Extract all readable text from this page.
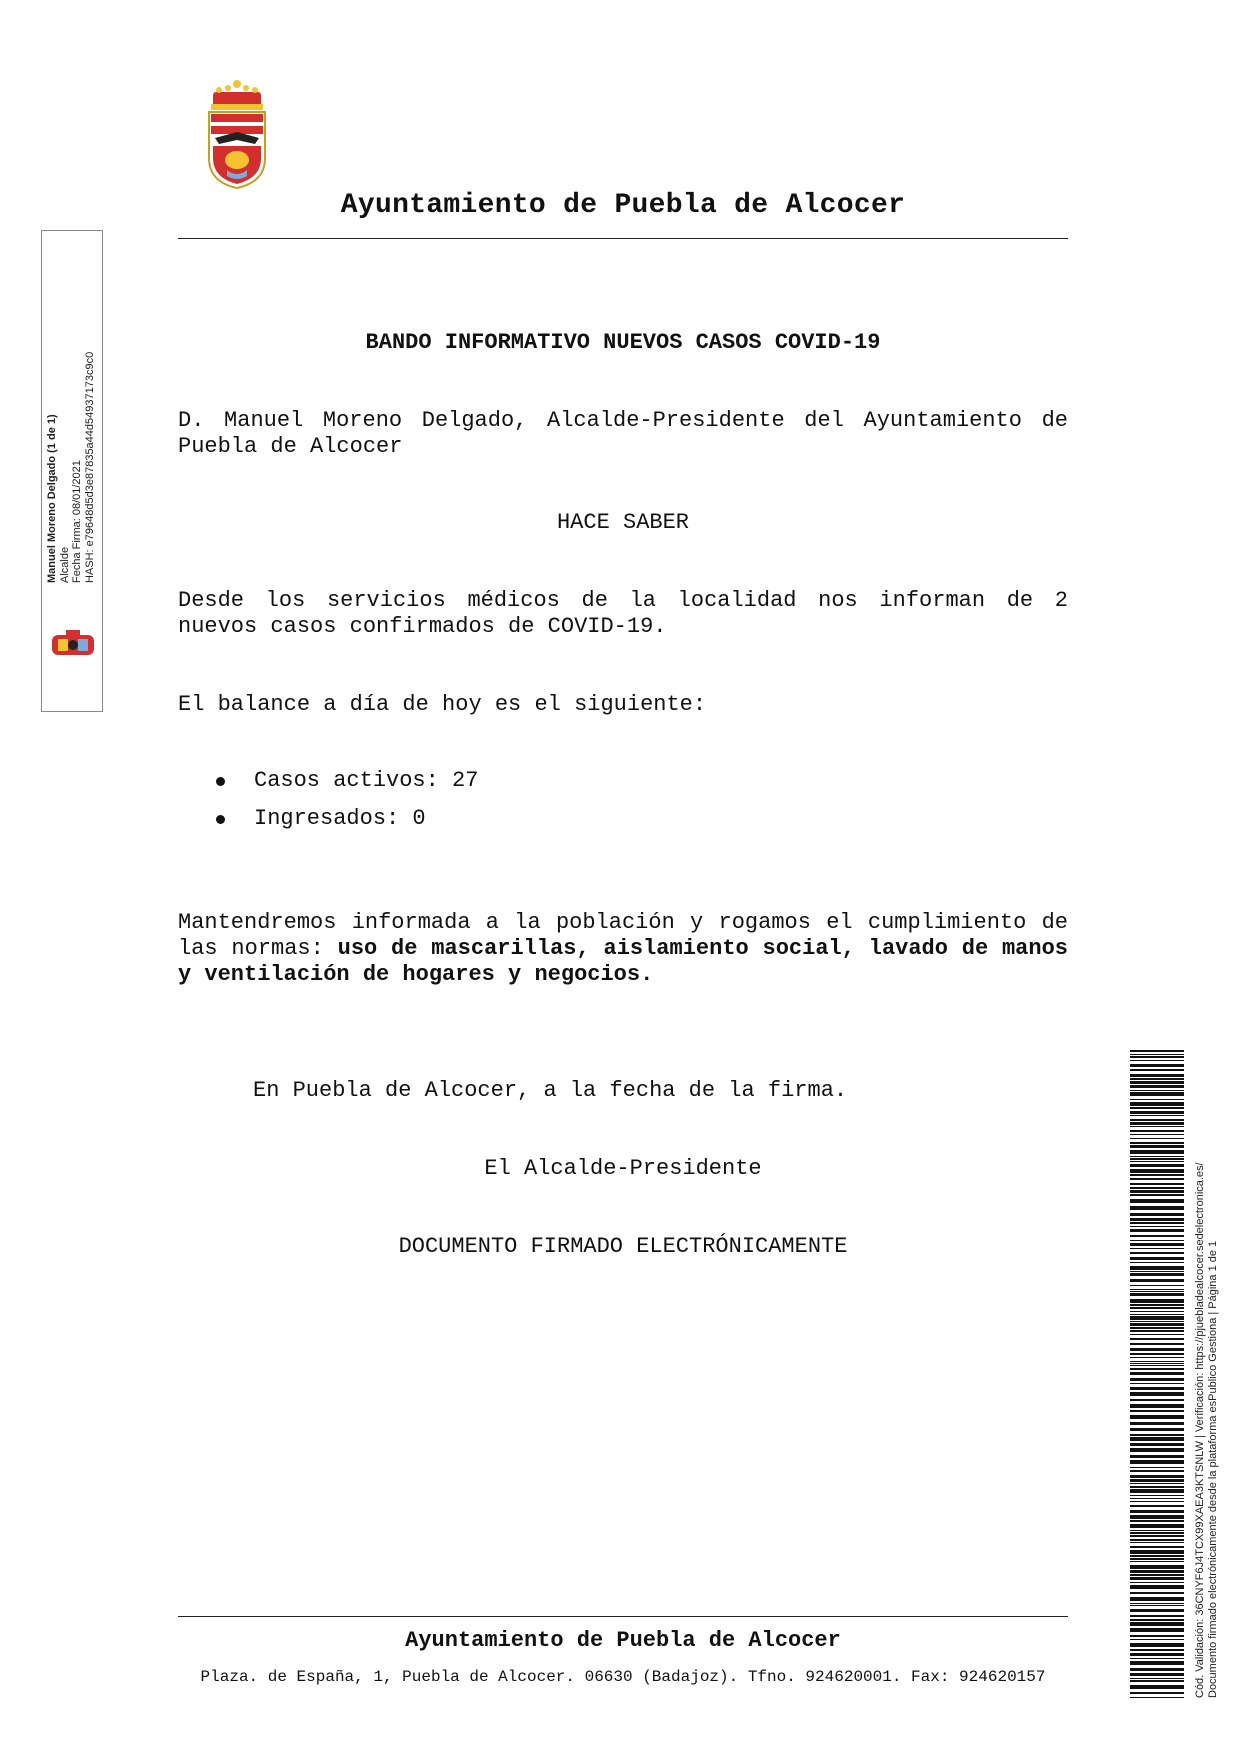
Ayuntamiento de Puebla de Alcocer
BANDO INFORMATIVO NUEVOS CASOS COVID-19
D. Manuel Moreno Delgado, Alcalde-Presidente del Ayuntamiento de Puebla de Alcocer
HACE SABER
Desde los servicios médicos de la localidad nos informan de 2 nuevos casos confirmados de COVID-19.
El balance a día de hoy es el siguiente:
Casos activos: 27
Ingresados: 0
Mantendremos informada a la población y rogamos el cumplimiento de las normas: uso de mascarillas, aislamiento social, lavado de manos y ventilación de hogares y negocios.
En Puebla de Alcocer, a la fecha de la firma.
El Alcalde-Presidente
DOCUMENTO FIRMADO ELECTRÓNICAMENTE
Ayuntamiento de Puebla de Alcocer
Plaza. de España, 1, Puebla de Alcocer. 06630 (Badajoz). Tfno. 924620001. Fax: 924620157
Manuel Moreno Delgado (1 de 1) Alcalde Fecha Firma: 08/01/2021 HASH: e79648d5d3e87835a44d54937173c9c0
Cód. Validación: 36CNYF6J4TCX99XAEA3KTSNLW | Verificación: https://pjuebladealcocer.sedelectronica.es/ Documento firmado electrónicamente desde la plataforma esPublico Gestiona | Página 1 de 1
